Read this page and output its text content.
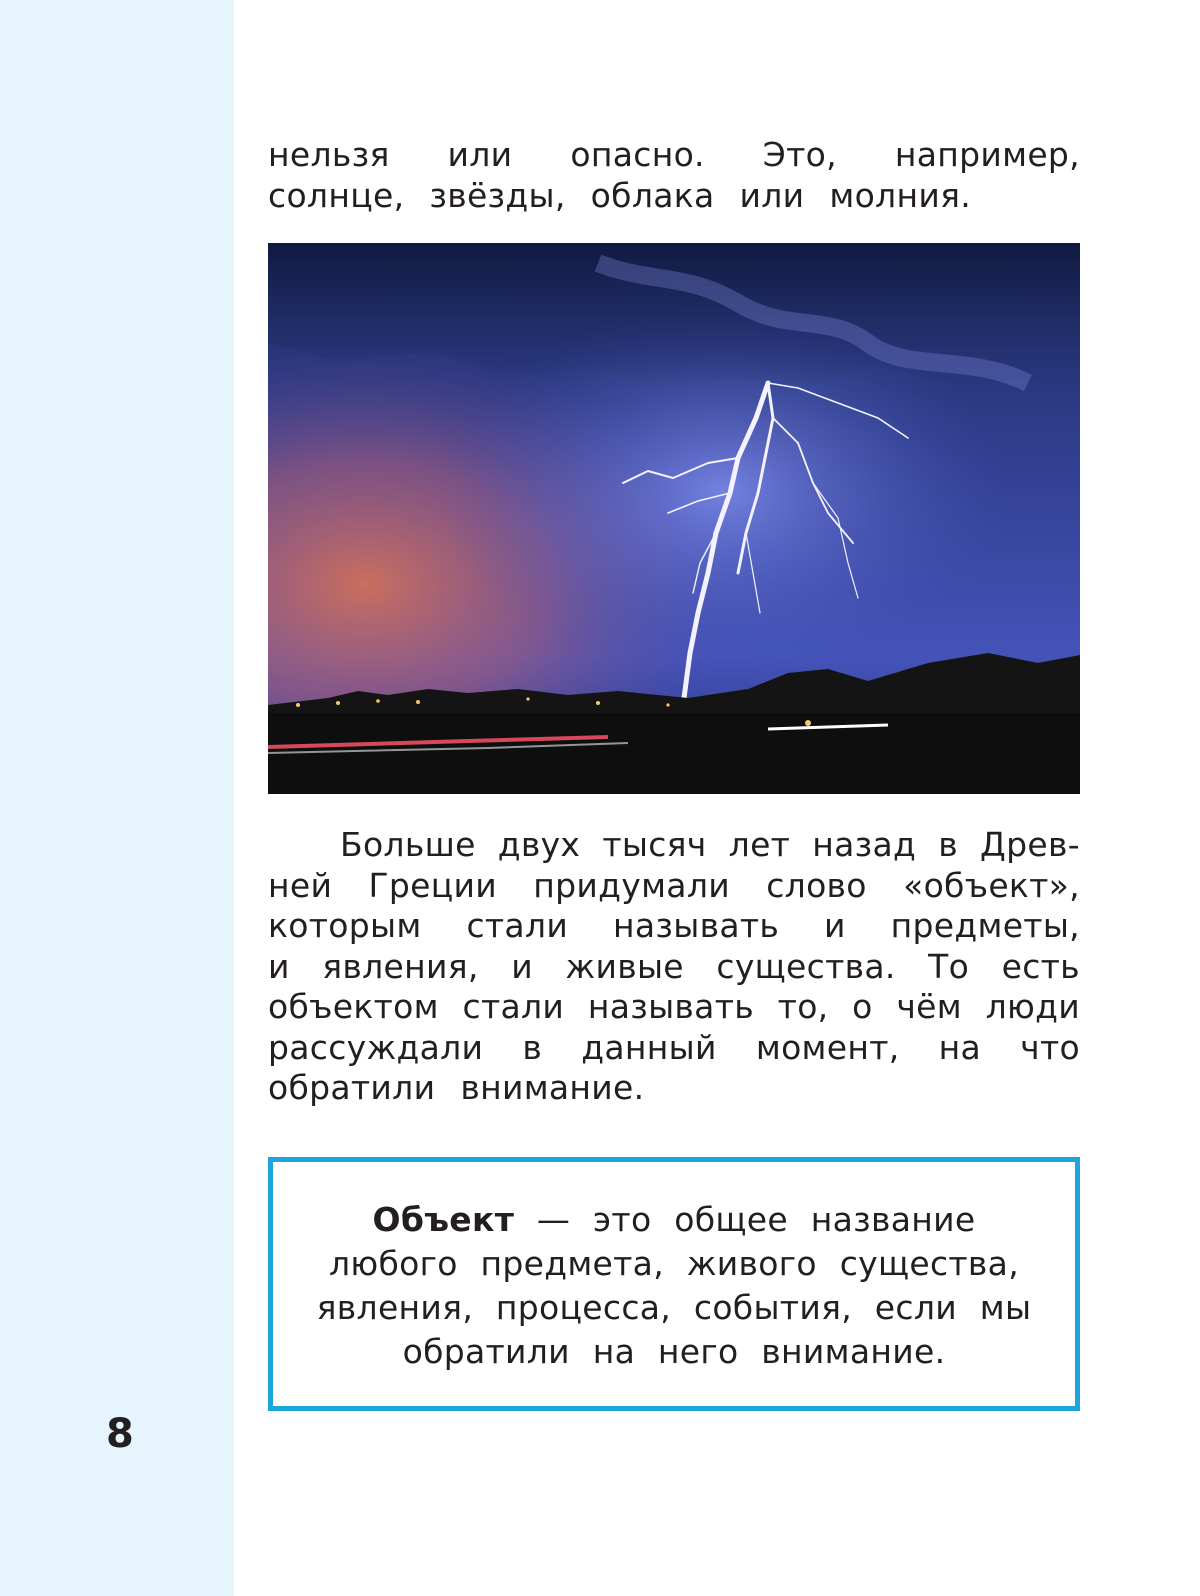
8
нельзя или опасно. Это, например,
солнце, звёзды, облака или молния.
Больше двух тысяч лет назад в Древ-
ней Греции придумали слово «объект»,
которым стали называть и предметы,
и явления, и живые существа. То есть
объектом стали называть то, о чём люди
рассуждали в данный момент, на что
обратили внимание.
Объект — это общее название
любого предмета, живого существа,
явления, процесса, события, если мы
обратили на него внимание.
